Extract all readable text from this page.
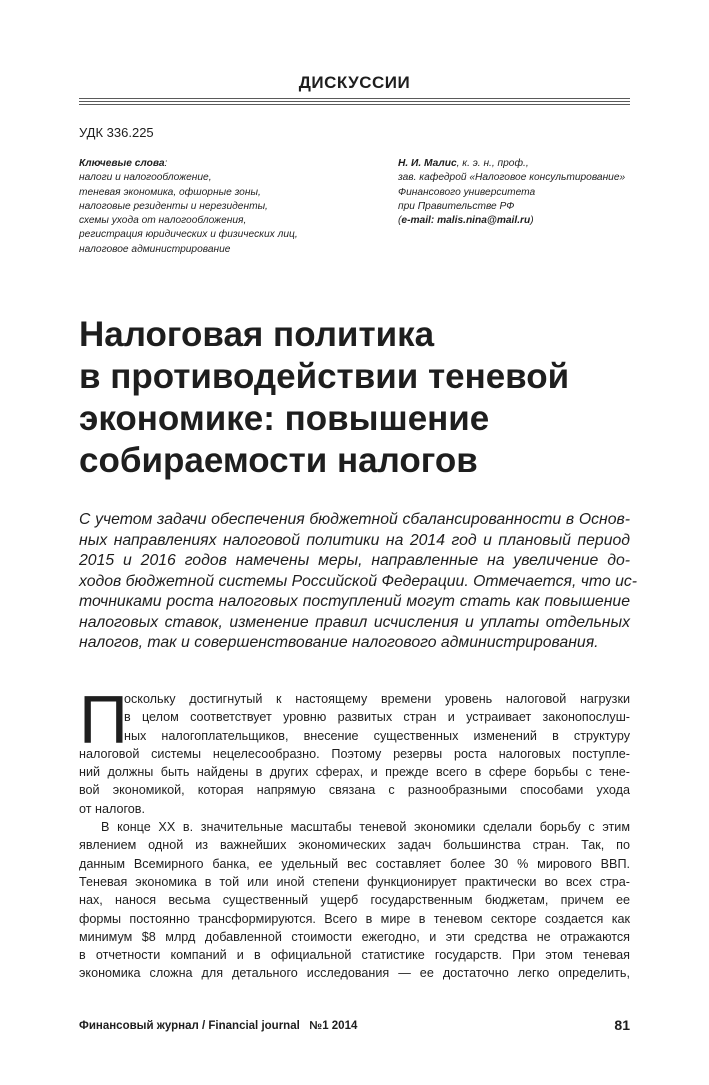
ДИСКУССИИ
УДК 336.225
Ключевые слова:
налоги и налогообложение,
теневая экономика, офшорные зоны,
налоговые резиденты и нерезиденты,
схемы ухода от налогообложения,
регистрация юридических и физических лиц,
налоговое администрирование
Н. И. Малис, к. э. н., проф.,
зав. кафедрой «Налоговое консультирование»
Финансового университета
при Правительстве РФ
(e-mail: malis.nina@mail.ru)
Налоговая политика
в противодействии теневой
экономике: повышение
собираемости налогов
С учетом задачи обеспечения бюджетной сбалансированности в Основ-
ных направлениях налоговой политики на 2014 год и плановый период
2015 и 2016 годов намечены меры, направленные на увеличение до-
ходов бюджетной системы Российской Федерации. Отмечается, что ис-
точниками роста налоговых поступлений могут стать как повышение
налоговых ставок, изменение правил исчисления и уплаты отдельных
налогов, так и совершенствование налогового администрирования.
П
оскольку достигнутый к настоящему времени уровень налоговой нагрузки
в целом соответствует уровню развитых стран и устраивает законопослуш-
ных налогоплательщиков, внесение существенных изменений в структуру
налоговой системы нецелесообразно. Поэтому резервы роста налоговых поступле-
ний должны быть найдены в других сферах, и прежде всего в сфере борьбы с тене-
вой экономикой, которая напрямую связана с разнообразными способами ухода
от налогов.
В конце XX в. значительные масштабы теневой экономики сделали борьбу с этим
явлением одной из важнейших экономических задач большинства стран. Так, по
данным Всемирного банка, ее удельный вес составляет более 30 % мирового ВВП.
Теневая экономика в той или иной степени функционирует практически во всех стра-
нах, нанося весьма существенный ущерб государственным бюджетам, причем ее
формы постоянно трансформируются. Всего в мире в теневом секторе создается как
минимум $8 млрд добавленной стоимости ежегодно, и эти средства не отражаются
в отчетности компаний и в официальной статистике государств. При этом теневая
экономика сложна для детального исследования — ее достаточно легко определить,
Финансовый журнал / Financial journal №1 2014	81
